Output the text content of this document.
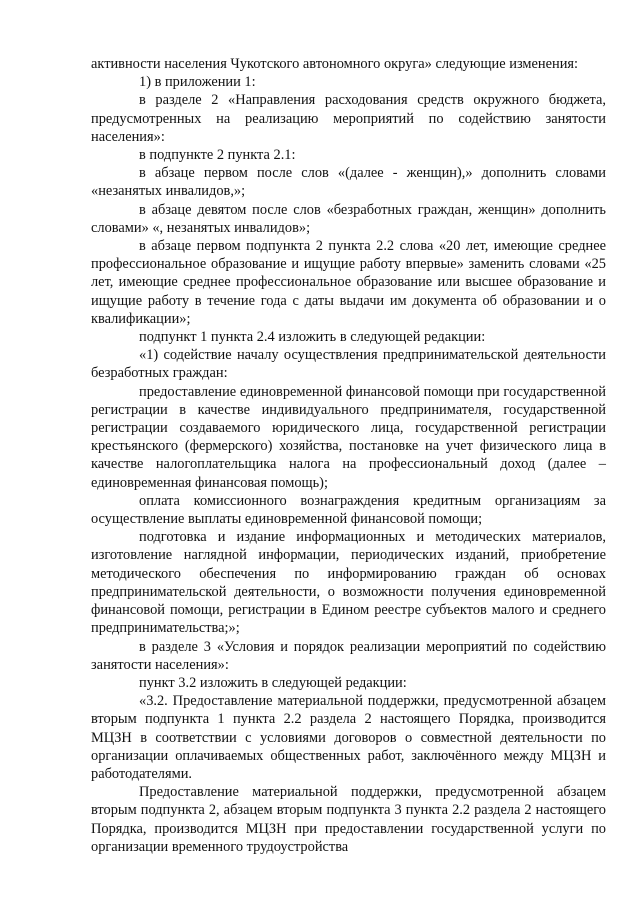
активности населения Чукотского автономного округа» следующие изменения:

1) в приложении 1:

в разделе 2 «Направления расходования средств окружного бюджета, предусмотренных на реализацию мероприятий по содействию занятости населения»:

в подпункте 2 пункта 2.1:

в абзаце первом после слов «(далее - женщин),» дополнить словами «незанятых инвалидов,»;

в абзаце девятом после слов «безработных граждан, женщин» дополнить словами» «, незанятых инвалидов»;

в абзаце первом подпункта 2 пункта 2.2 слова «20 лет, имеющие среднее профессиональное образование и ищущие работу впервые» заменить словами «25 лет, имеющие среднее профессиональное образование или высшее образование и ищущие работу в течение года с даты выдачи им документа об образовании и о квалификации»;

подпункт 1 пункта 2.4 изложить в следующей редакции:

«1) содействие началу осуществления предпринимательской деятельности безработных граждан:

предоставление единовременной финансовой помощи при государственной регистрации в качестве индивидуального предпринимателя, государственной регистрации создаваемого юридического лица, государственной регистрации крестьянского (фермерского) хозяйства, постановке на учет физического лица в качестве налогоплательщика налога на профессиональный доход (далее – единовременная финансовая помощь);

оплата комиссионного вознаграждения кредитным организациям за осуществление выплаты единовременной финансовой помощи;

подготовка и издание информационных и методических материалов, изготовление наглядной информации, периодических изданий, приобретение методического обеспечения по информированию граждан об основах предпринимательской деятельности, о возможности получения единовременной финансовой помощи, регистрации в Едином реестре субъектов малого и среднего предпринимательства;»;

в разделе 3 «Условия и порядок реализации мероприятий по содействию занятости населения»:

пункт 3.2 изложить в следующей редакции:

«3.2. Предоставление материальной поддержки, предусмотренной абзацем вторым подпункта 1 пункта 2.2 раздела 2 настоящего Порядка, производится МЦЗН в соответствии с условиями договоров о совместной деятельности по организации оплачиваемых общественных работ, заключённого между МЦЗН и работодателями.

Предоставление материальной поддержки, предусмотренной абзацем вторым подпункта 2, абзацем вторым подпункта 3 пункта 2.2 раздела 2 настоящего Порядка, производится МЦЗН при предоставлении государственной услуги по организации временного трудоустройства
